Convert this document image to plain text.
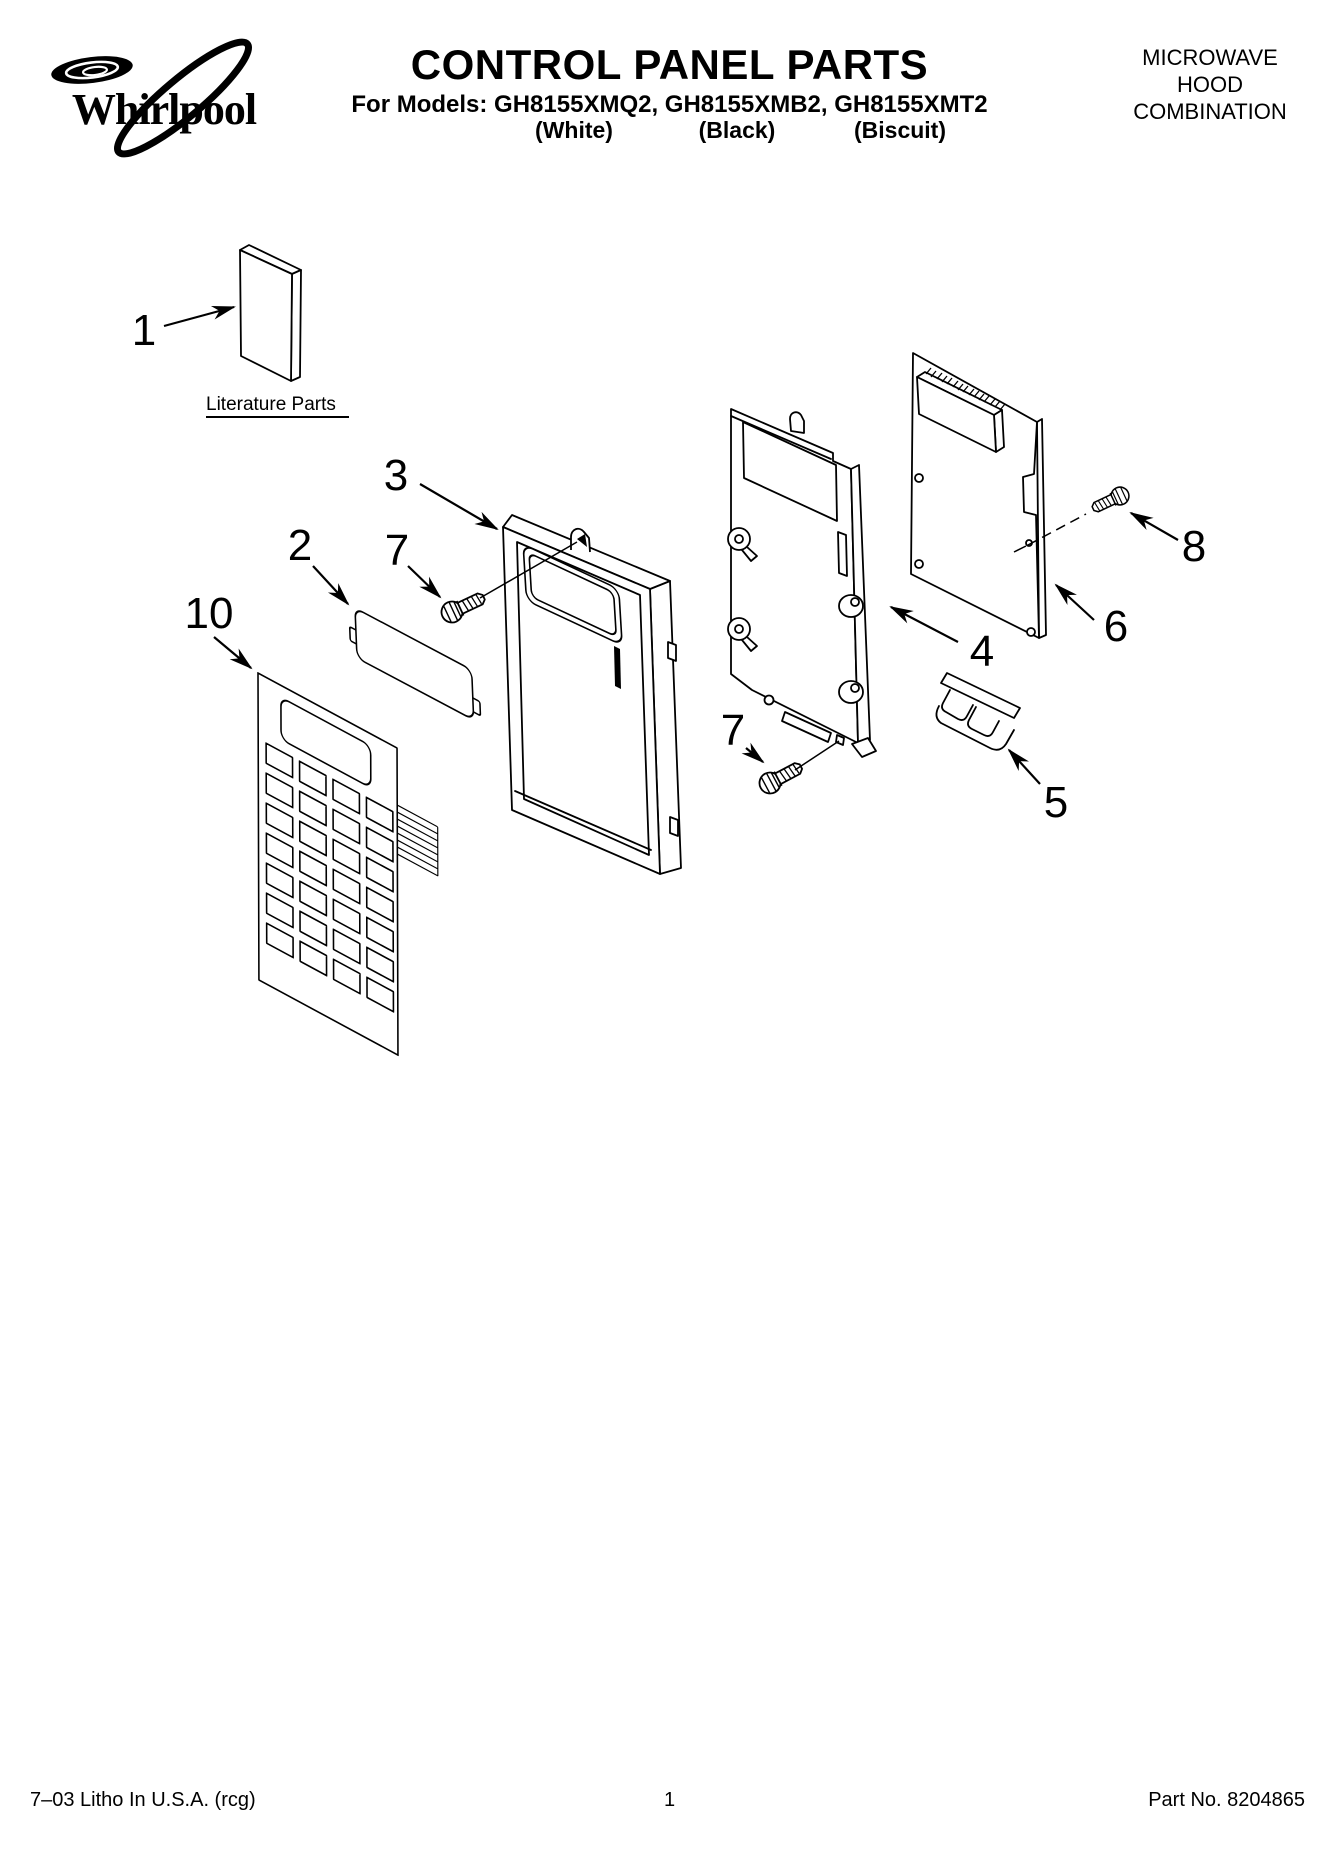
Whirlpool
CONTROL PANEL PARTS
For Models: GH8155XMQ2, GH8155XMB2, GH8155XMT2
(White)	(Black)	(Biscuit)
MICROWAVE
HOOD
COMBINATION
Literature Parts
1
2
3
7
10
4
5
6
7
8
7–03 Litho In U.S.A. (rcg)	1	Part No. 8204865
